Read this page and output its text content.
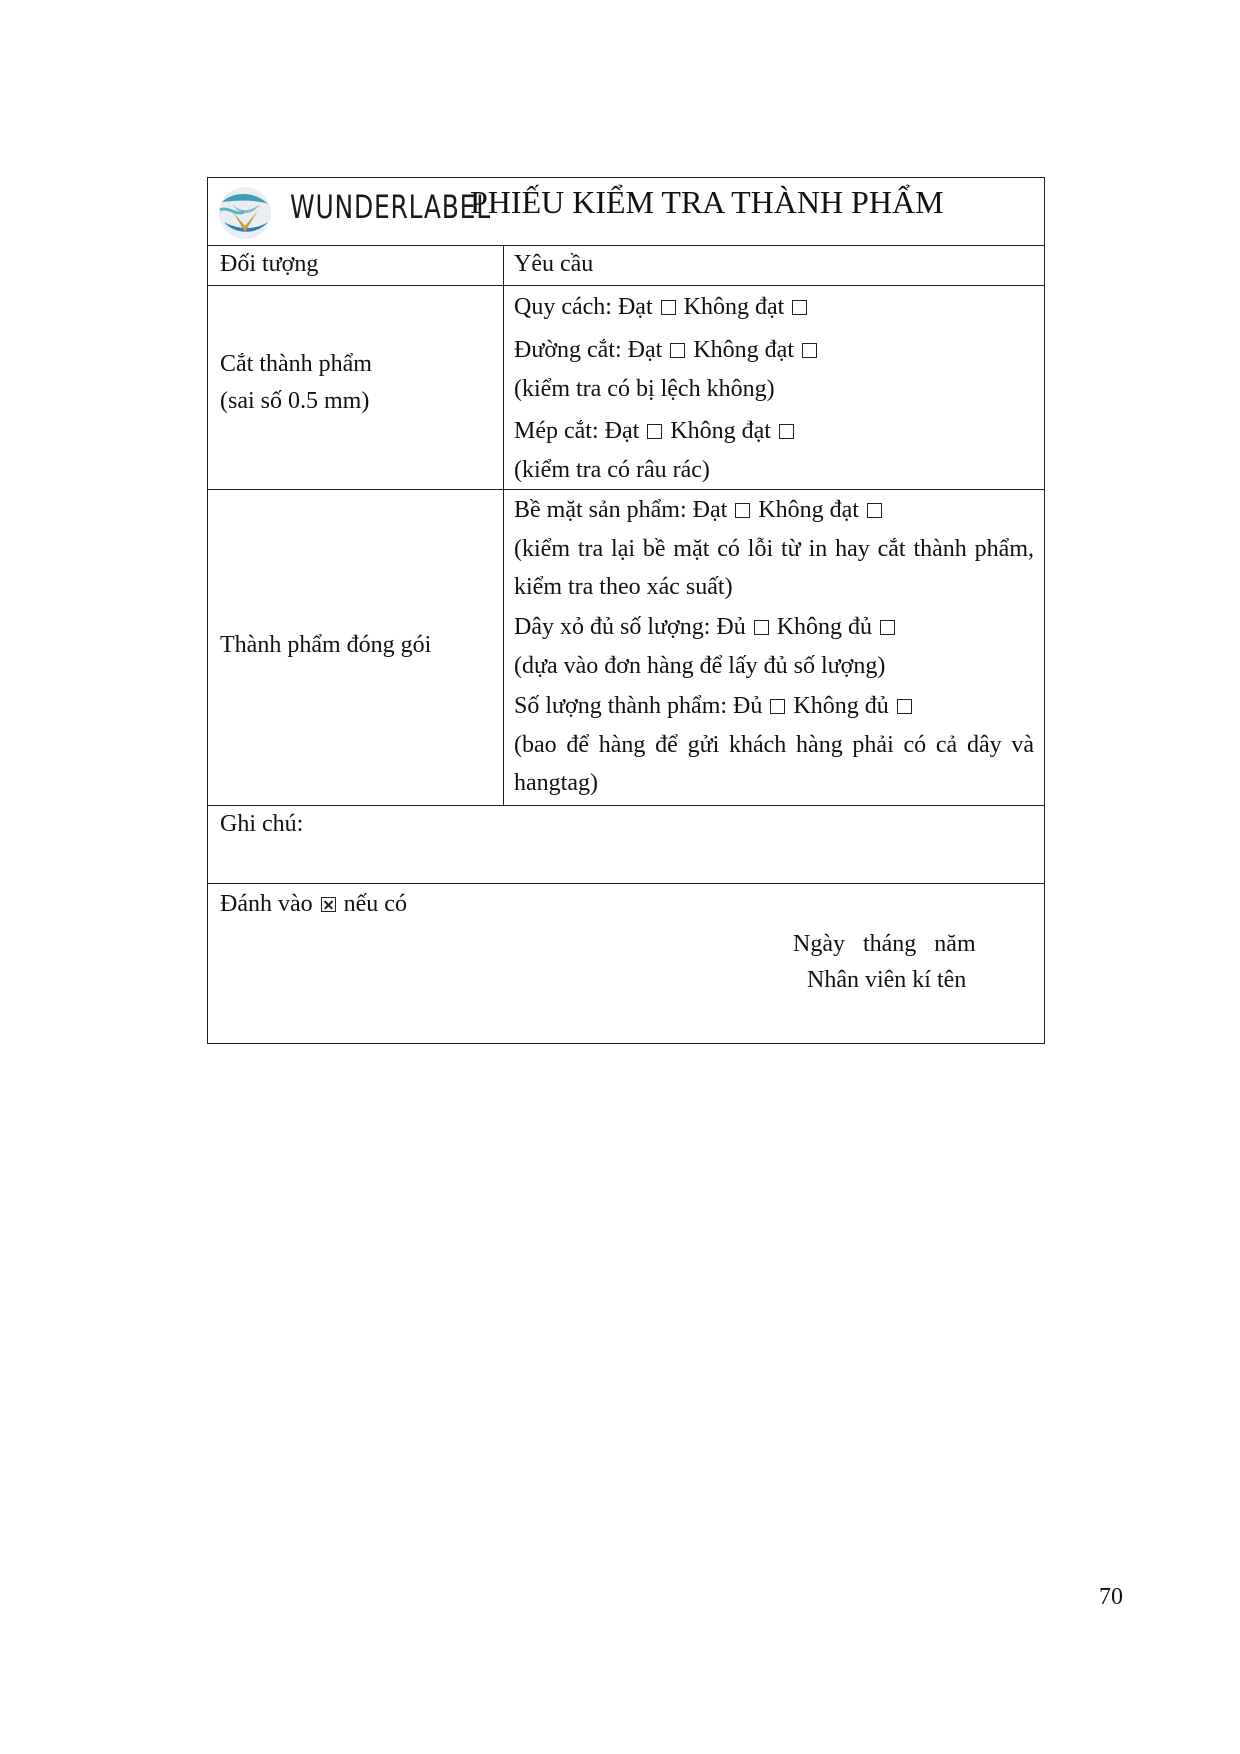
WUNDERLABEL
PHIẾU KIỂM TRA THÀNH PHẨM
Đối tượng	Yêu cầu
Cắt thành phẩm
(sai số 0.5 mm)
Quy cách: Đạt Không đạt
Đường cắt: Đạt Không đạt
(kiểm tra có bị lệch không)
Mép cắt: Đạt Không đạt
(kiểm tra có râu rác)
Thành phẩm đóng gói
Bề mặt sản phẩm: Đạt Không đạt
(kiểm tra lại bề mặt có lỗi từ in hay cắt thành phẩm, kiểm tra theo xác suất)
Dây xỏ đủ số lượng: Đủ Không đủ
(dựa vào đơn hàng để lấy đủ số lượng)
Số lượng thành phẩm: Đủ Không đủ
(bao để hàng để gửi khách hàng phải có cả dây và hangtag)
Ghi chú:
Đánh vào nếu có
Ngày   tháng   năm
Nhân viên kí tên
70
